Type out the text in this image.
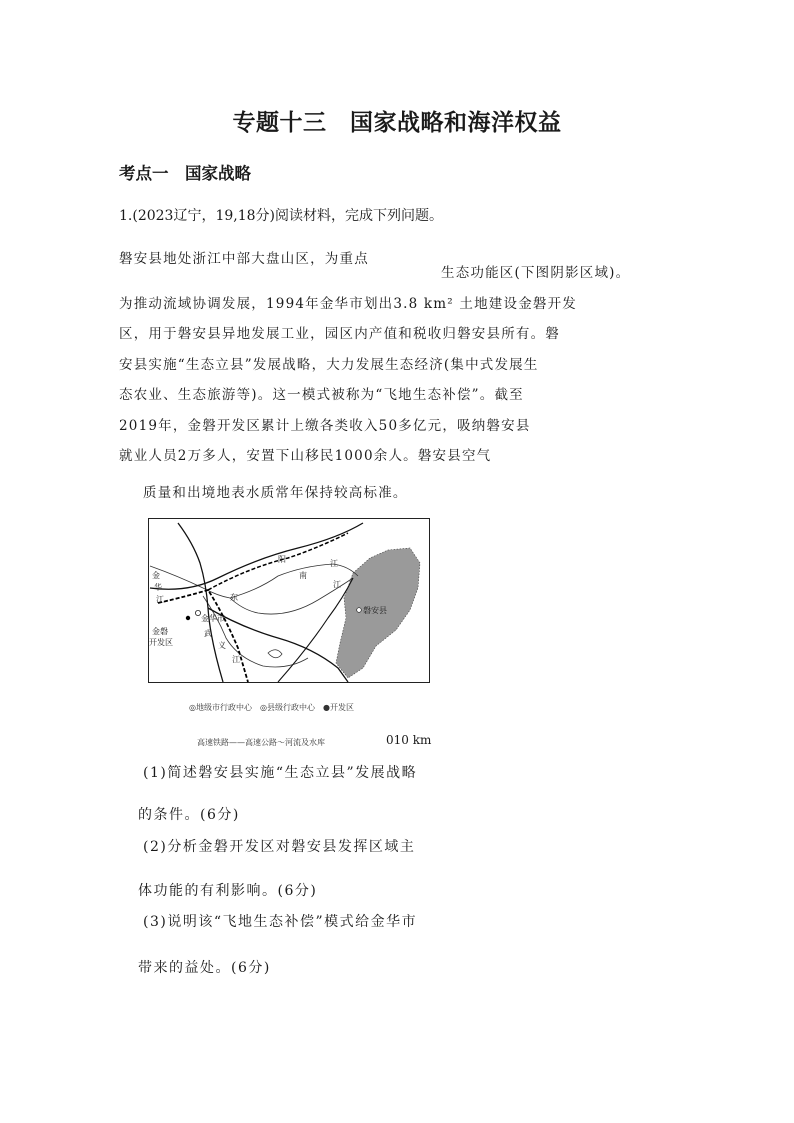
专题十三　国家战略和海洋权益
考点一　国家战略
1.(2023辽宁，19,18分)阅读材料，完成下列问题。
磐安县地处浙江中部大盘山区，为重点
生态功能区(下图阴影区域)。
为推动流域协调发展，1994年金华市划出3.8 km² 土地建设金磐开发
区，用于磐安县异地发展工业，园区内产值和税收归磐安县所有。磐
安县实施“生态立县”发展战略，大力发展生态经济(集中式发展生
态农业、生态旅游等)。这一模式被称为“飞地生态补偿”。截至
2019年，金磐开发区累计上缴各类收入50多亿元，吸纳磐安县
就业人员2万多人，安置下山移民1000余人。磐安县空气
质量和出境地表水质常年保持较高标准。
金
华
江	东
阳
南
江
江
武
义
江
磐安县
金华市
金磐
开发区
◎地级市行政中心　◎县级行政中心　●开发区
高速铁路——高速公路～河流及水库	010 km
(1)简述磐安县实施“生态立县”发展战略
的条件。(6分)
(2)分析金磐开发区对磐安县发挥区域主
体功能的有利影响。(6分)
(3)说明该“飞地生态补偿”模式给金华市
带来的益处。(6分)
